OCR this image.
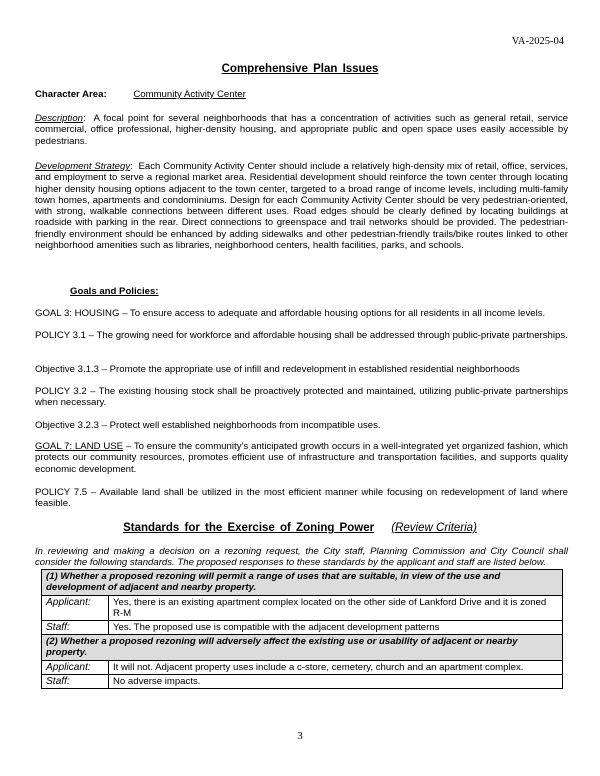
VA-2025-04
Comprehensive Plan Issues
Character Area:	Community Activity Center
Description:  A focal point for several neighborhoods that has a concentration of activities such as general retail, service commercial, office professional, higher-density housing, and appropriate public and open space uses easily accessible by pedestrians.
Development Strategy:  Each Community Activity Center should include a relatively high-density mix of retail, office, services, and employment to serve a regional market area. Residential development should reinforce the town center through locating higher density housing options adjacent to the town center, targeted to a broad range of income levels, including multi-family town homes, apartments and condominiums. Design for each Community Activity Center should be very pedestrian-oriented, with strong, walkable connections between different uses. Road edges should be clearly defined by locating buildings at roadside with parking in the rear. Direct connections to greenspace and trail networks should be provided. The pedestrian-friendly environment should be enhanced by adding sidewalks and other pedestrian-friendly trails/bike routes linked to other neighborhood amenities such as libraries, neighborhood centers, health facilities, parks, and schools.
Goals and Policies:
GOAL 3: HOUSING – To ensure access to adequate and affordable housing options for all residents in all income levels.
POLICY 3.1 – The growing need for workforce and affordable housing shall be addressed through public-private partnerships.
Objective 3.1.3 – Promote the appropriate use of infill and redevelopment in established residential neighborhoods
POLICY 3.2 – The existing housing stock shall be proactively protected and maintained, utilizing public-private partnerships when necessary.
Objective 3.2.3 – Protect well established neighborhoods from incompatible uses.
GOAL 7: LAND USE – To ensure the community’s anticipated growth occurs in a well-integrated yet organized fashion, which protects our community resources, promotes efficient use of infrastructure and transportation facilities, and supports quality economic development.
POLICY 7.5 – Available land shall be utilized in the most efficient manner while focusing on redevelopment of land where feasible.
Standards for the Exercise of Zoning Power (Review Criteria)
In reviewing and making a decision on a rezoning request, the City staff, Planning Commission and City Council shall consider the following standards. The proposed responses to these standards by the applicant and staff are listed below.
(1) Whether a proposed rezoning will permit a range of uses that are suitable, in view of the use and development of adjacent and nearby property.	
Applicant:	Yes, there is an existing apartment complex located on the other side of Lankford Drive and it is zoned R-M
Staff:	Yes. The proposed use is compatible with the adjacent development patterns
(2) Whether a proposed rezoning will adversely affect the existing use or usability of adjacent or nearby property.	
Applicant:	It will not. Adjacent property uses include a c-store, cemetery, church and an apartment complex.
Staff:	No adverse impacts.
3
